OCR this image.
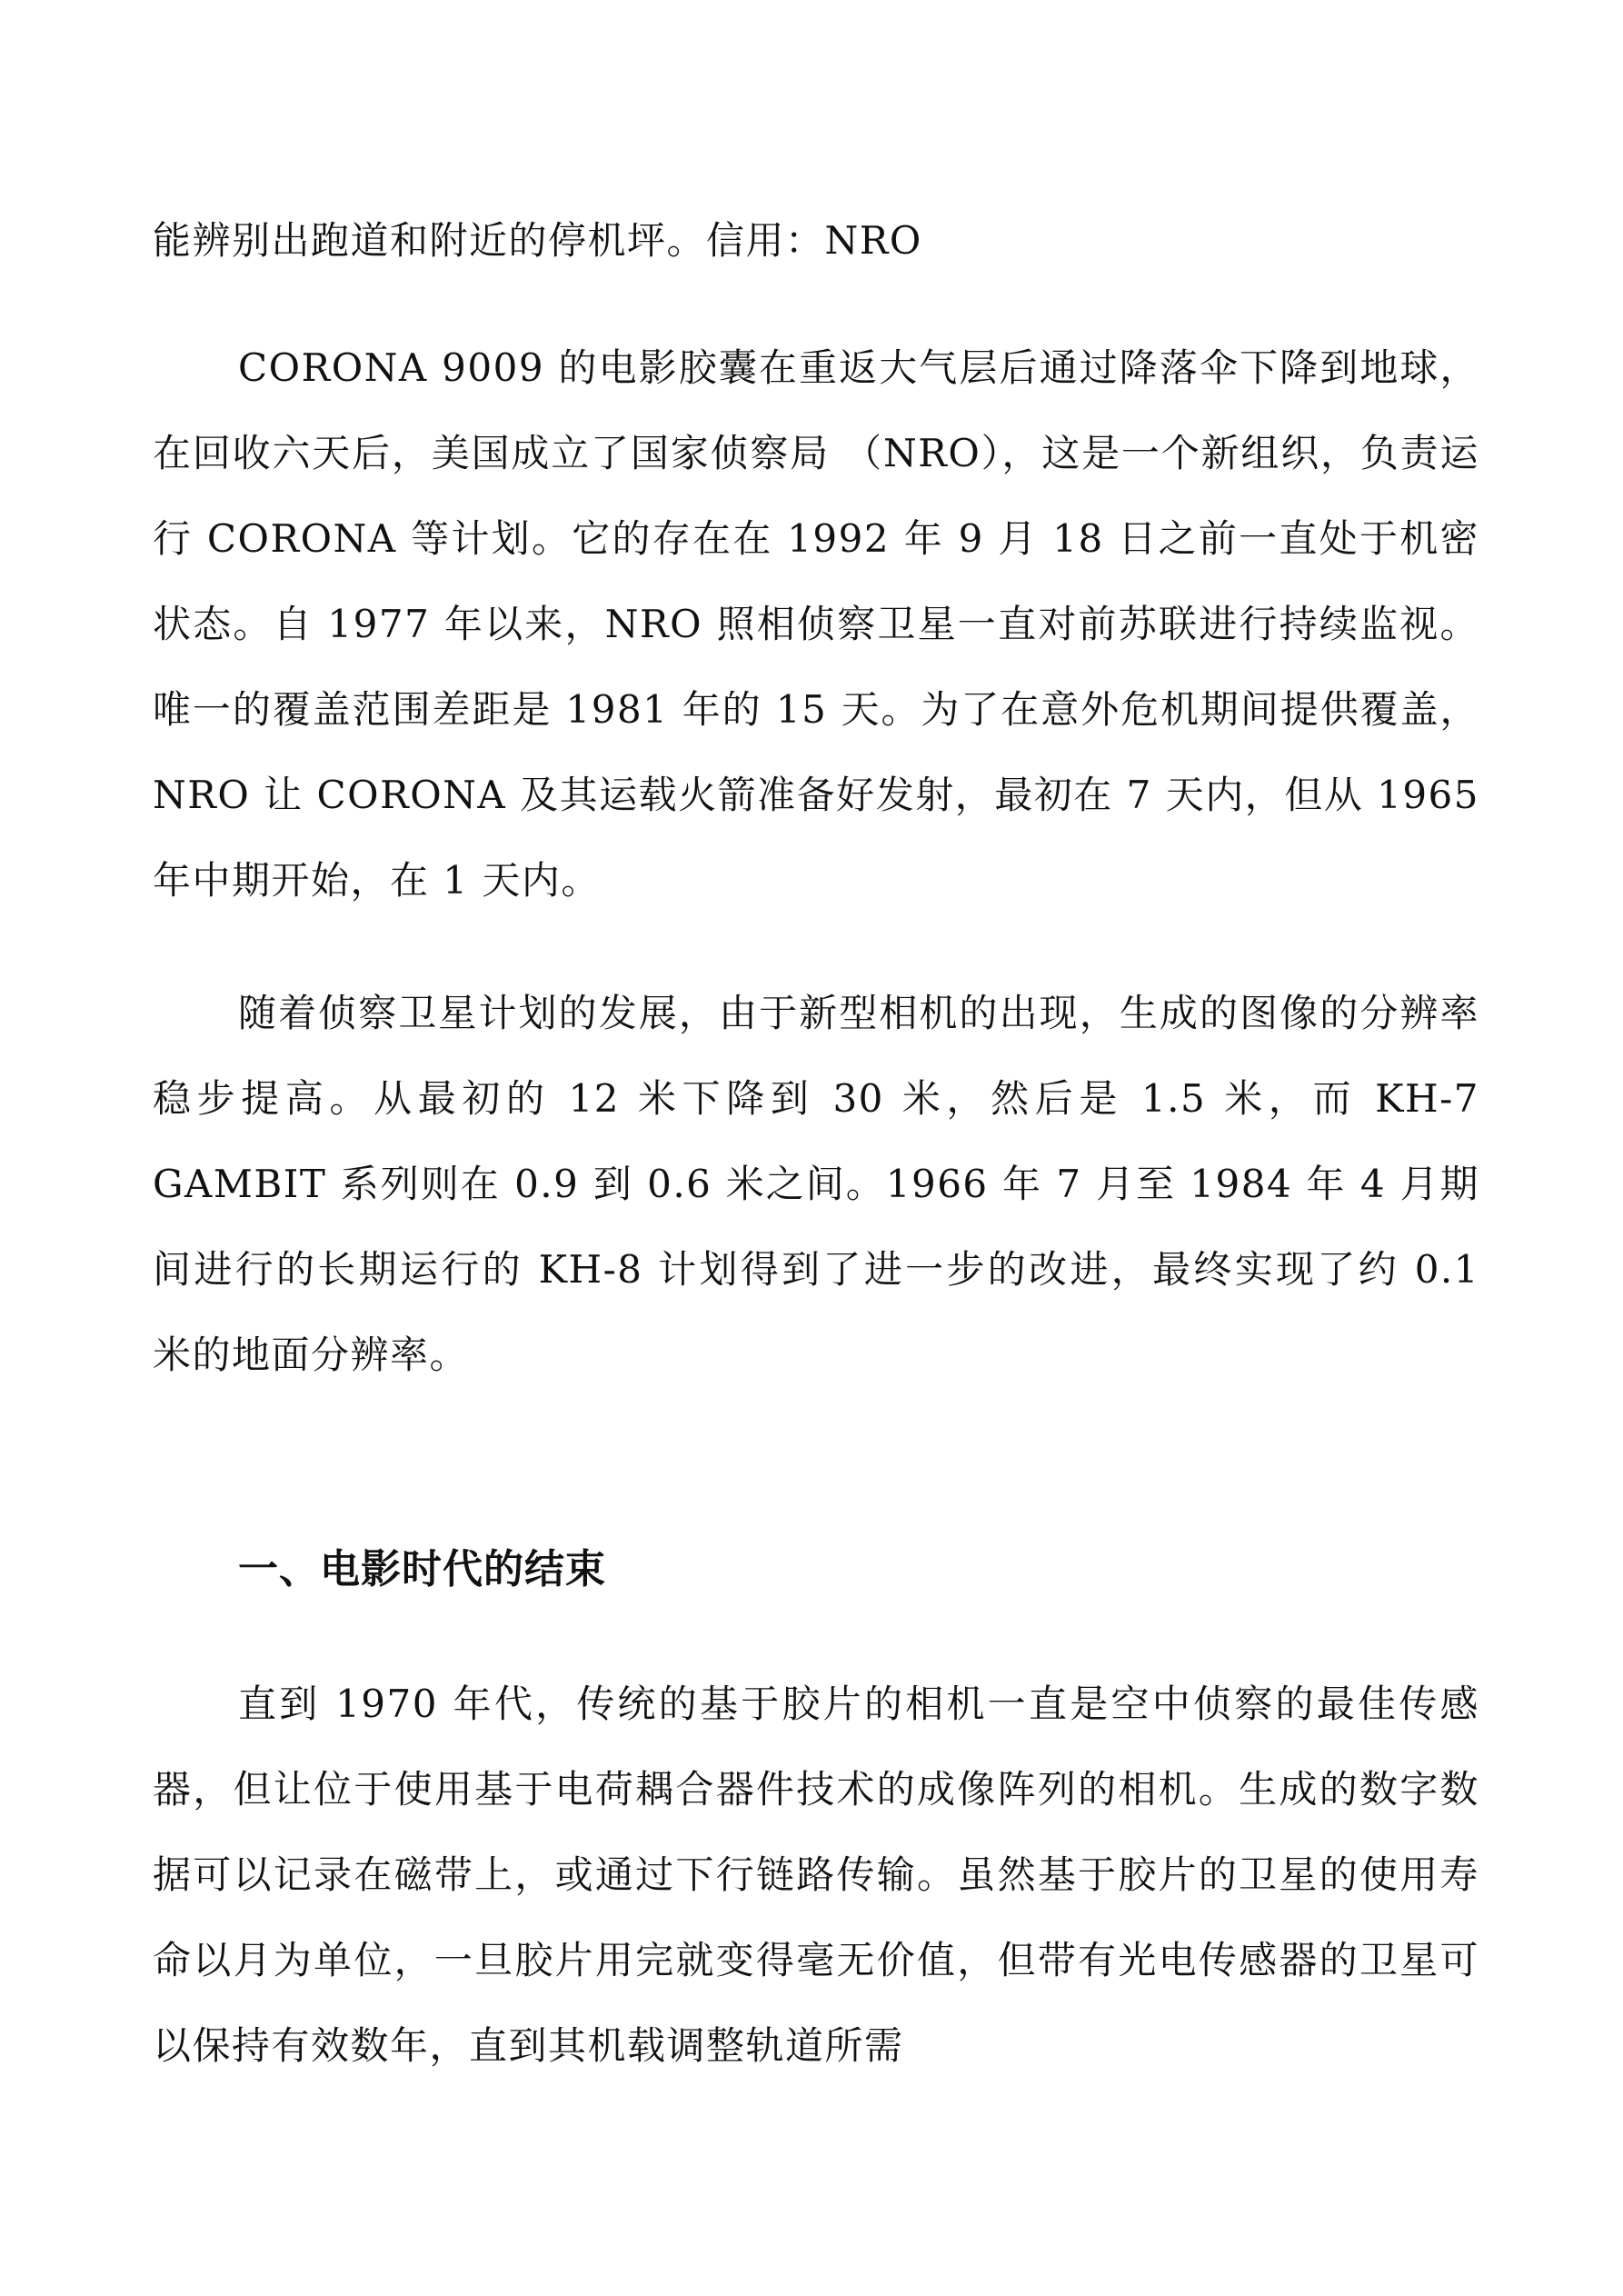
能辨别出跑道和附近的停机坪。信用：NRO

CORONA 9009 的电影胶囊在重返大气层后通过降落伞下降到地球，在回收六天后，美国成立了国家侦察局 （NRO），这是一个新组织，负责运行 CORONA 等计划。它的存在在 1992 年 9 月 18 日之前一直处于机密状态。自 1977 年以来，NRO 照相侦察卫星一直对前苏联进行持续监视。唯一的覆盖范围差距是 1981 年的 15 天。为了在意外危机期间提供覆盖，NRO 让 CORONA 及其运载火箭准备好发射，最初在 7 天内，但从 1965 年中期开始，在 1 天内。

随着侦察卫星计划的发展，由于新型相机的出现，生成的图像的分辨率稳步提高。从最初的 12 米下降到 30 米，然后是 1.5 米，而 KH-7 GAMBIT 系列则在 0.9 到 0.6 米之间。1966 年 7 月至 1984 年 4 月期间进行的长期运行的 KH-8 计划得到了进一步的改进，最终实现了约 0.1 米的地面分辨率。

一、电影时代的结束

直到 1970 年代，传统的基于胶片的相机一直是空中侦察的最佳传感器，但让位于使用基于电荷耦合器件技术的成像阵列的相机。生成的数字数据可以记录在磁带上，或通过下行链路传输。虽然基于胶片的卫星的使用寿命以月为单位，一旦胶片用完就变得毫无价值，但带有光电传感器的卫星可以保持有效数年，直到其机载调整轨道所需
